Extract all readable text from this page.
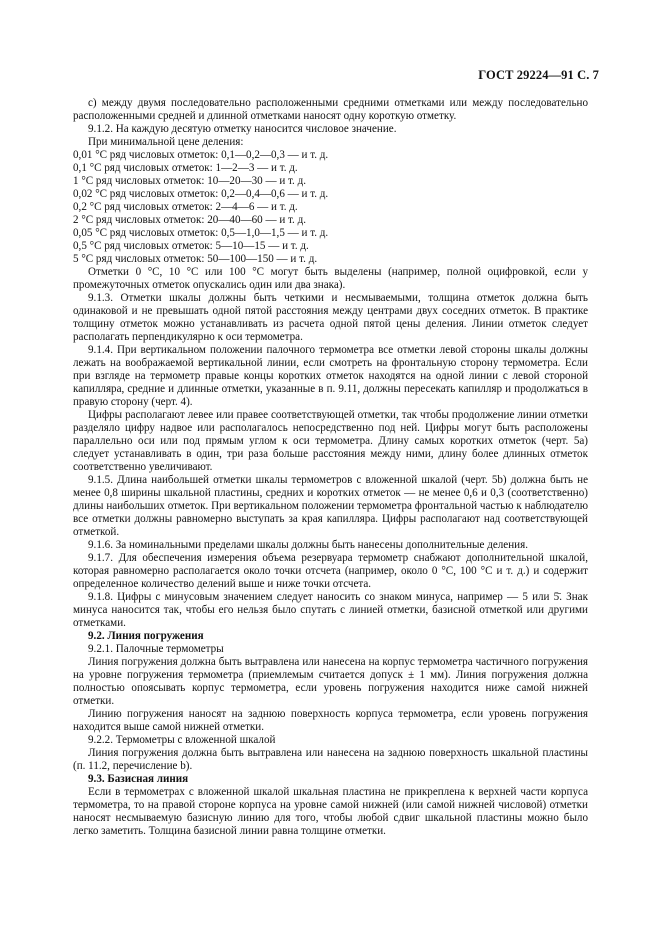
ГОСТ 29224—91 С. 7

c) между двумя последовательно расположенными средними отметками или между последовательно расположенными средней и длинной отметками наносят одну короткую отметку.

9.1.2. На каждую десятую отметку наносится числовое значение.

При минимальной цене деления:

0,01 °С ряд числовых отметок: 0,1—0,2—0,3 — и т. д.

0,1 °С ряд числовых отметок: 1—2—3 — и т. д.

1 °С ряд числовых отметок: 10—20—30 — и т. д.

0,02 °С ряд числовых отметок: 0,2—0,4—0,6 — и т. д.

0,2 °С ряд числовых отметок: 2—4—6 — и т. д.

2 °С ряд числовых отметок: 20—40—60 — и т. д.

0,05 °С ряд числовых отметок: 0,5—1,0—1,5 — и т. д.

0,5 °С ряд числовых отметок: 5—10—15 — и т. д.

5 °С ряд числовых отметок: 50—100—150 — и т. д.

Отметки 0 °С, 10 °С или 100 °С могут быть выделены (например, полной оцифровкой, если у промежуточных отметок опускались один или два знака).

9.1.3. Отметки шкалы должны быть четкими и несмываемыми, толщина отметок должна быть одинаковой и не превышать одной пятой расстояния между центрами двух соседних отметок. В практике толщину отметок можно устанавливать из расчета одной пятой цены деления. Линии отметок следует располагать перпендикулярно к оси термометра.

9.1.4. При вертикальном положении палочного термометра все отметки левой стороны шкалы должны лежать на воображаемой вертикальной линии, если смотреть на фронтальную сторону термометра. Если при взгляде на термометр правые концы коротких отметок находятся на одной линии с левой стороной капилляра, средние и длинные отметки, указанные в п. 9.11, должны пересекать капилляр и продолжаться в правую сторону (черт. 4).

Цифры располагают левее или правее соответствующей отметки, так чтобы продолжение линии отметки разделяло цифру надвое или располагалось непосредственно под ней. Цифры могут быть расположены параллельно оси или под прямым углом к оси термометра. Длину самых коротких отметок (черт. 5а) следует устанавливать в один, три раза больше расстояния между ними, длину более длинных отметок соответственно увеличивают.

9.1.5. Длина наибольшей отметки шкалы термометров с вложенной шкалой (черт. 5b) должна быть не менее 0,8 ширины шкальной пластины, средних и коротких отметок — не менее 0,6 и 0,3 (соответственно) длины наибольших отметок. При вертикальном положении термометра фронтальной частью к наблюдателю все отметки должны равномерно выступать за края капилляра. Цифры располагают над соответствующей отметкой.

9.1.6. За номинальными пределами шкалы должны быть нанесены дополнительные деления.

9.1.7. Для обеспечения измерения объема резервуара термометр снабжают дополнительной шкалой, которая равномерно располагается около точки отсчета (например, около 0 °С, 100 °С и т. д.) и содержит определенное количество делений выше и ниже точки отсчета.

9.1.8. Цифры с минусовым значением следует наносить со знаком минуса, например — 5 или 5̄. Знак минуса наносится так, чтобы его нельзя было спутать с линией отметки, базисной отметкой или другими отметками.

9.2. Линия погружения

9.2.1. Палочные термометры

Линия погружения должна быть вытравлена или нанесена на корпус термометра частичного погружения на уровне погружения термометра (приемлемым считается допуск ± 1 мм). Линия погружения должна полностью опоясывать корпус термометра, если уровень погружения находится ниже самой нижней отметки.

Линию погружения наносят на заднюю поверхность корпуса термометра, если уровень погружения находится выше самой нижней отметки.

9.2.2. Термометры с вложенной шкалой

Линия погружения должна быть вытравлена или нанесена на заднюю поверхность шкальной пластины (п. 11.2, перечисление b).

9.3. Базисная линия

Если в термометрах с вложенной шкалой шкальная пластина не прикреплена к верхней части корпуса термометра, то на правой стороне корпуса на уровне самой нижней (или самой нижней числовой) отметки наносят несмываемую базисную линию для того, чтобы любой сдвиг шкальной пластины можно было легко заметить. Толщина базисной линии равна толщине отметки.
